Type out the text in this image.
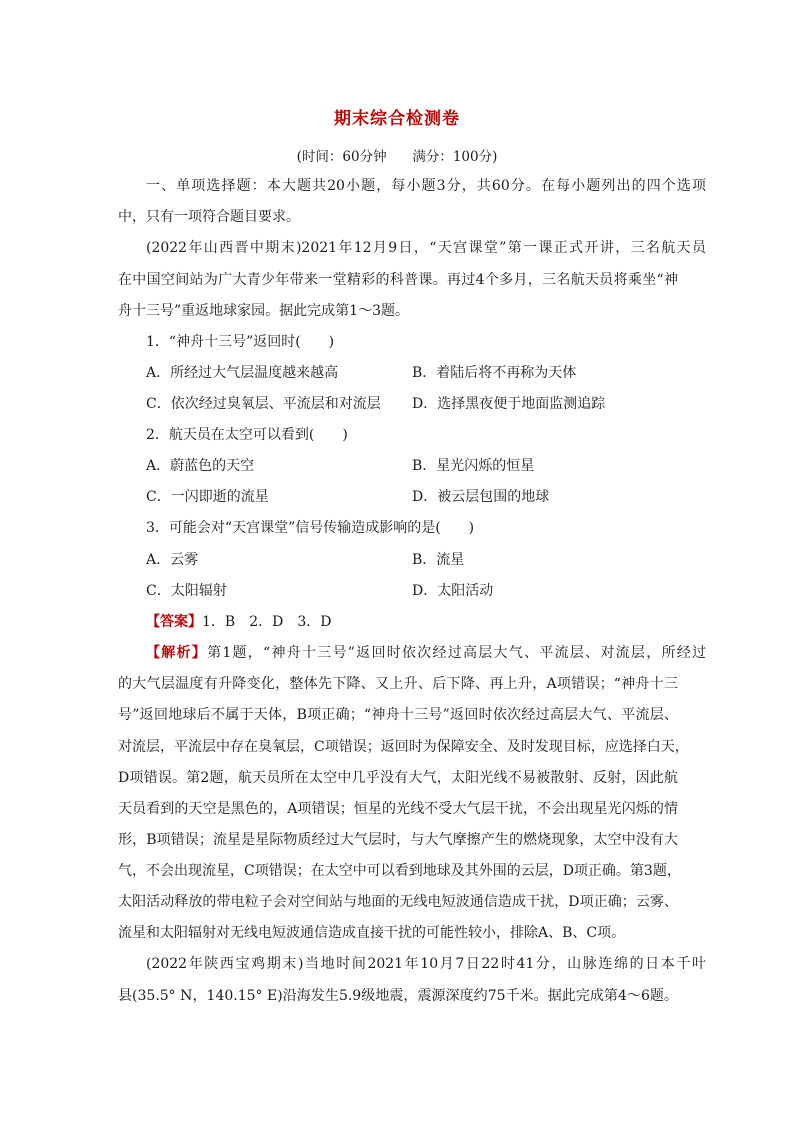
期末综合检测卷
(时间：60分钟      满分：100分)
一、单项选择题：本大题共20小题，每小题3分，共60分。在每小题列出的四个选项
中，只有一项符合题目要求。
(2022年山西晋中期末)2021年12月9日，“天宫课堂”第一课正式开讲，三名航天员
在中国空间站为广大青少年带来一堂精彩的科普课。再过4个多月，三名航天员将乘坐“神
舟十三号”重返地球家园。据此完成第1～3题。
1．“神舟十三号”返回时(　　)
A．所经过大气层温度越来越高	B．着陆后将不再称为天体
C．依次经过臭氧层、平流层和对流层 D．选择黑夜便于地面监测追踪
2．航天员在太空可以看到(　　)
A．蔚蓝色的天空	B．星光闪烁的恒星
C．一闪即逝的流星	D．被云层包围的地球
3．可能会对“天宫课堂”信号传输造成影响的是(　　)
A．云雾	B．流星
C．太阳辐射	D．太阳活动
【答案】1．B　2．D　3．D
【解析】第1题，“神舟十三号”返回时依次经过高层大气、平流层、对流层，所经过
的大气层温度有升降变化，整体先下降、又上升、后下降、再上升，A项错误；“神舟十三
号”返回地球后不属于天体，B项正确；“神舟十三号”返回时依次经过高层大气、平流层、
对流层，平流层中存在臭氧层，C项错误；返回时为保障安全、及时发现目标，应选择白天，
D项错误。第2题，航天员所在太空中几乎没有大气，太阳光线不易被散射、反射，因此航
天员看到的天空是黑色的，A项错误；恒星的光线不受大气层干扰，不会出现星光闪烁的情
形，B项错误；流星是星际物质经过大气层时，与大气摩擦产生的燃烧现象，太空中没有大
气，不会出现流星，C项错误；在太空中可以看到地球及其外围的云层，D项正确。第3题，
太阳活动释放的带电粒子会对空间站与地面的无线电短波通信造成干扰，D项正确；云雾、
流星和太阳辐射对无线电短波通信造成直接干扰的可能性较小，排除A、B、C项。
(2022年陕西宝鸡期末)当地时间2021年10月7日22时41分，山脉连绵的日本千叶
县(35.5° N，140.15° E)沿海发生5.9级地震，震源深度约75千米。据此完成第4～6题。
